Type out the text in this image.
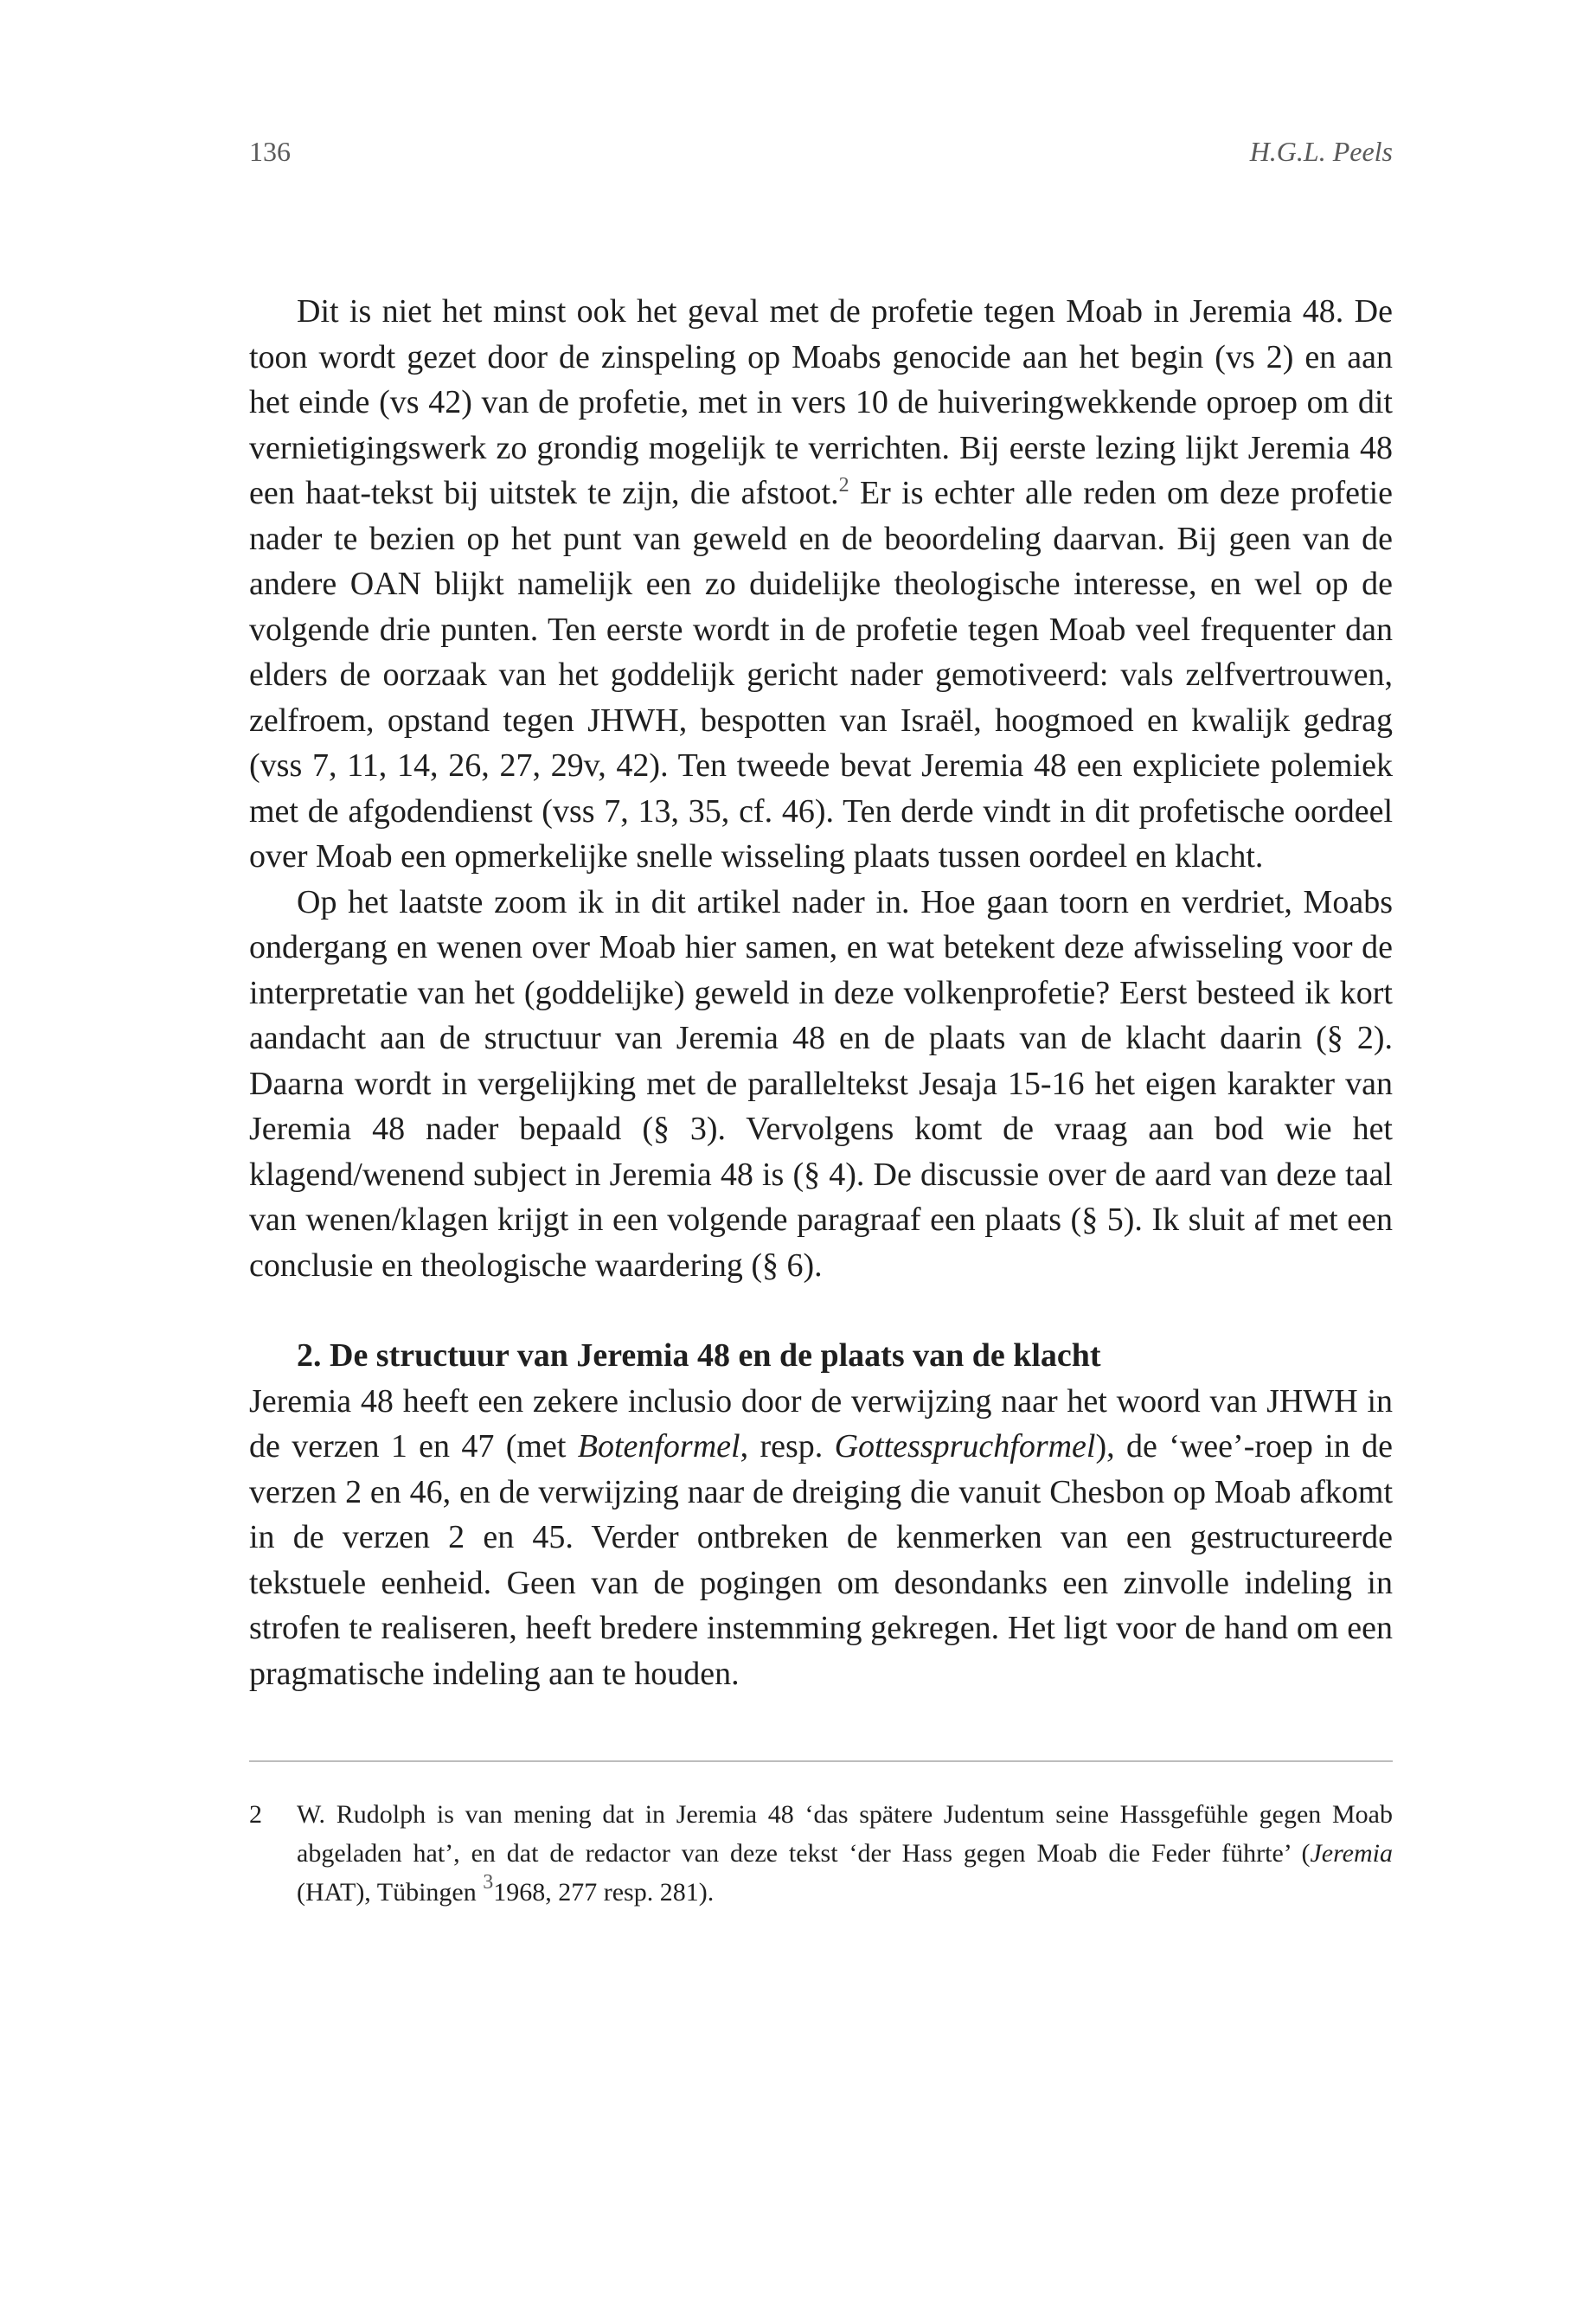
136	H.G.L. Peels

Dit is niet het minst ook het geval met de profetie tegen Moab in Jeremia 48. De toon wordt gezet door de zinspeling op Moabs genocide aan het begin (vs 2) en aan het einde (vs 42) van de profetie, met in vers 10 de huiveringwekkende oproep om dit vernietigingswerk zo grondig mogelijk te verrichten. Bij eerste lezing lijkt Jeremia 48 een haat-tekst bij uitstek te zijn, die afstoot.$^2$ Er is echter alle reden om deze profetie nader te bezien op het punt van geweld en de beoordeling daarvan. Bij geen van de andere OAN blijkt namelijk een zo duidelijke theologische interesse, en wel op de volgende drie punten. Ten eerste wordt in de profetie tegen Moab veel frequenter dan elders de oorzaak van het goddelijk gericht nader gemotiveerd: vals zelfvertrouwen, zelfroem, opstand tegen JHWH, bespotten van Israël, hoogmoed en kwalijk gedrag (vss 7, 11, 14, 26, 27, 29v, 42). Ten tweede bevat Jeremia 48 een expliciete polemiek met de afgodendienst (vss 7, 13, 35, cf. 46). Ten derde vindt in dit profetische oordeel over Moab een opmerkelijke snelle wisseling plaats tussen oordeel en klacht.

Op het laatste zoom ik in dit artikel nader in. Hoe gaan toorn en verdriet, Moabs ondergang en wenen over Moab hier samen, en wat betekent deze afwisseling voor de interpretatie van het (goddelijke) geweld in deze volkenprofetie? Eerst besteed ik kort aandacht aan de structuur van Jeremia 48 en de plaats van de klacht daarin (§ 2). Daarna wordt in vergelijking met de paralleltekst Jesaja 15-16 het eigen karakter van Jeremia 48 nader bepaald (§ 3). Vervolgens komt de vraag aan bod wie het klagend/wenend subject in Jeremia 48 is (§ 4). De discussie over de aard van deze taal van wenen/klagen krijgt in een volgende paragraaf een plaats (§ 5). Ik sluit af met een conclusie en theologische waardering (§ 6).

2. De structuur van Jeremia 48 en de plaats van de klacht

Jeremia 48 heeft een zekere inclusio door de verwijzing naar het woord van JHWH in de verzen 1 en 47 (met Botenformel, resp. Gottesspruchformel), de ‘wee’-roep in de verzen 2 en 46, en de verwijzing naar de dreiging die vanuit Chesbon op Moab afkomt in de verzen 2 en 45. Verder ontbreken de kenmerken van een gestructureerde tekstuele eenheid. Geen van de pogingen om desondanks een zinvolle indeling in strofen te realiseren, heeft bredere instemming gekregen. Het ligt voor de hand om een pragmatische indeling aan te houden.

2	W. Rudolph is van mening dat in Jeremia 48 ‘das spätere Judentum seine Hassgefühle gegen Moab abgeladen hat’, en dat de redactor van deze tekst ‘der Hass gegen Moab die Feder führte’ (Jeremia (HAT), Tübingen $^3$1968, 277 resp. 281).
